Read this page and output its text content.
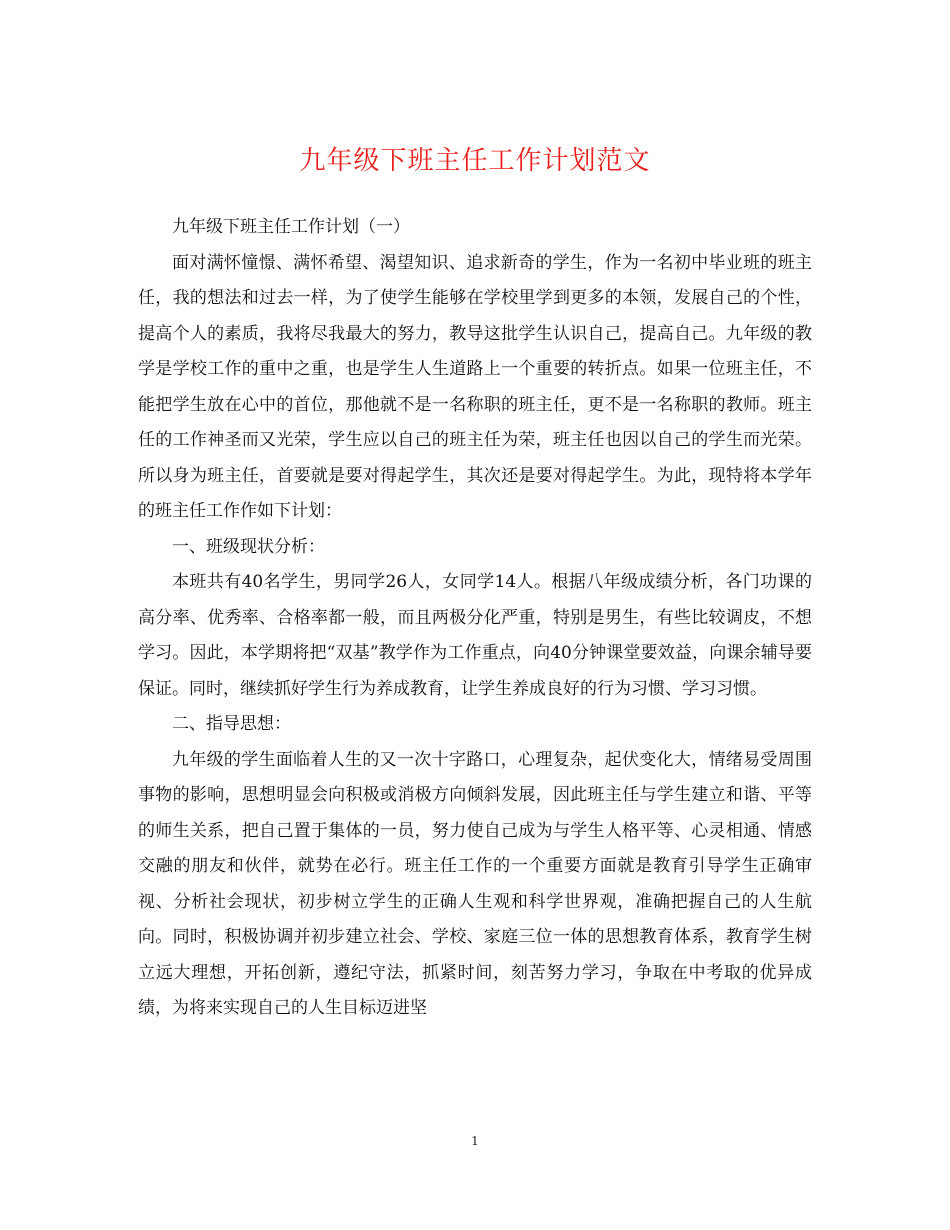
九年级下班主任工作计划范文

九年级下班主任工作计划（一）

面对满怀憧憬、满怀希望、渴望知识、追求新奇的学生，作为一名初中毕业班的班主任，我的想法和过去一样，为了使学生能够在学校里学到更多的本领，发展自己的个性，提高个人的素质，我将尽我最大的努力，教导这批学生认识自己，提高自己。九年级的教学是学校工作的重中之重，也是学生人生道路上一个重要的转折点。如果一位班主任，不能把学生放在心中的首位，那他就不是一名称职的班主任，更不是一名称职的教师。班主任的工作神圣而又光荣，学生应以自己的班主任为荣，班主任也因以自己的学生而光荣。所以身为班主任，首要就是要对得起学生，其次还是要对得起学生。为此，现特将本学年的班主任工作作如下计划：

一、班级现状分析：

本班共有40名学生，男同学26人，女同学14人。根据八年级成绩分析，各门功课的高分率、优秀率、合格率都一般，而且两极分化严重，特别是男生，有些比较调皮，不想学习。因此，本学期将把“双基”教学作为工作重点，向40分钟课堂要效益，向课余辅导要保证。同时，继续抓好学生行为养成教育，让学生养成良好的行为习惯、学习习惯。

二、指导思想：

九年级的学生面临着人生的又一次十字路口，心理复杂，起伏变化大，情绪易受周围事物的影响，思想明显会向积极或消极方向倾斜发展，因此班主任与学生建立和谐、平等的师生关系，把自己置于集体的一员，努力使自己成为与学生人格平等、心灵相通、情感交融的朋友和伙伴，就势在必行。班主任工作的一个重要方面就是教育引导学生正确审视、分析社会现状，初步树立学生的正确人生观和科学世界观，准确把握自己的人生航向。同时，积极协调并初步建立社会、学校、家庭三位一体的思想教育体系，教育学生树立远大理想，开拓创新，遵纪守法，抓紧时间，刻苦努力学习，争取在中考取的优异成绩，为将来实现自己的人生目标迈进坚

1
